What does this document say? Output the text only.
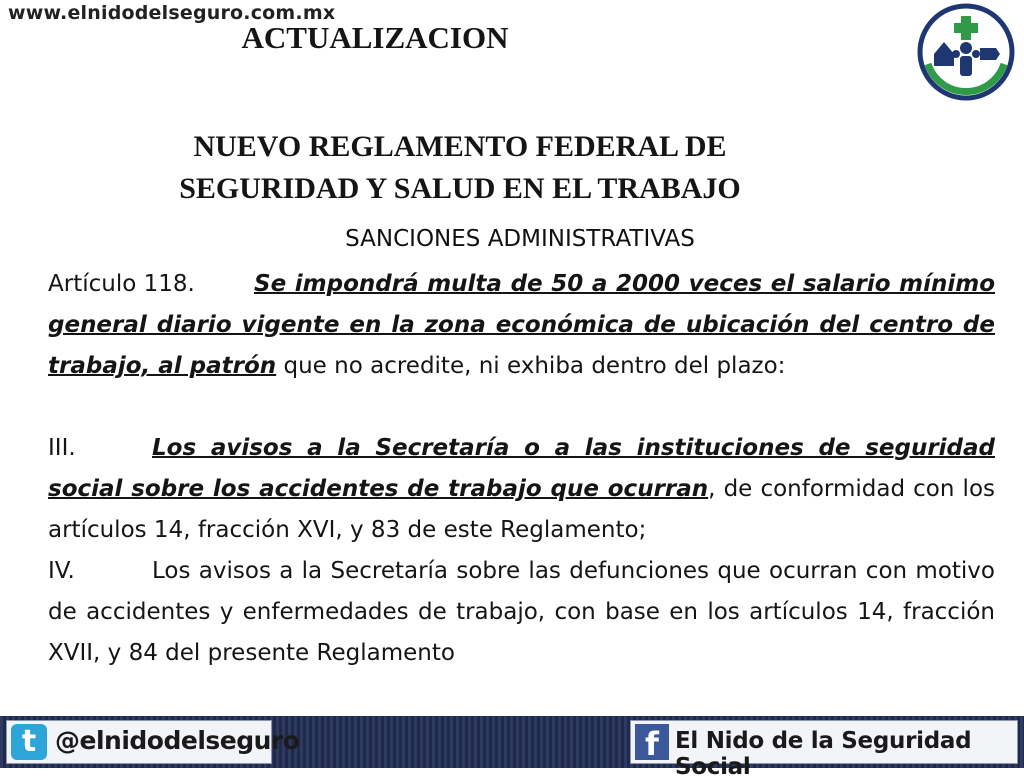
www.elnidodelseguro.com.mx
ACTUALIZACION
NUEVO REGLAMENTO FEDERAL DE
SEGURIDAD Y SALUD EN EL TRABAJO
SANCIONES ADMINISTRATIVAS

Artículo 118.	Se impondrá multa de 50 a 2000 veces el salario mínimo general diario vigente en la zona económica de ubicación del centro de trabajo, al patrón que no acredite, ni exhiba dentro del plazo:

III.	Los avisos a la Secretaría o a las instituciones de seguridad social sobre los accidentes de trabajo que ocurran, de conformidad con los artículos 14, fracción XVI, y 83 de este Reglamento;

IV.	Los avisos a la Secretaría sobre las defunciones que ocurran con motivo de accidentes y enfermedades de trabajo, con base en los artículos 14, fracción XVII, y 84 del presente Reglamento

t @elnidodelseguro	f El Nido de la Seguridad Social
